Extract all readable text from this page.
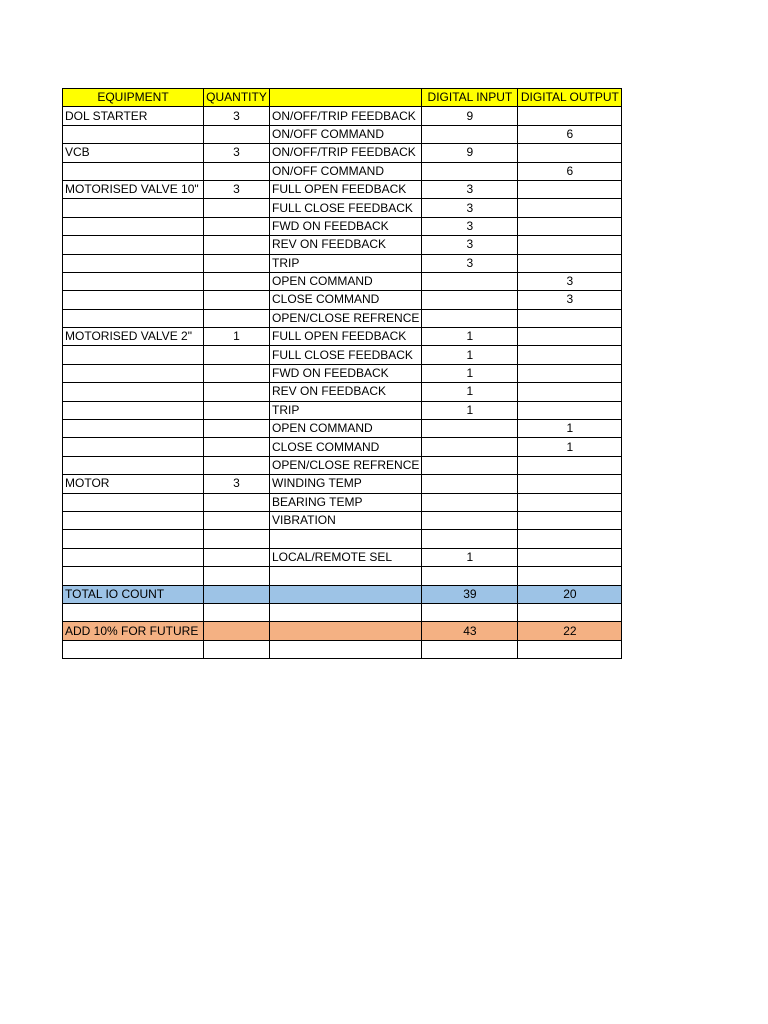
EQUIPMENT	QUANTITY		DIGITAL INPUT	DIGITAL OUTPUT
DOL STARTER	3	ON/OFF/TRIP FEEDBACK	9	
		ON/OFF COMMAND		6
VCB	3	ON/OFF/TRIP FEEDBACK	9	
		ON/OFF COMMAND		6
MOTORISED VALVE 10"	3	FULL OPEN FEEDBACK	3	
		FULL CLOSE FEEDBACK	3	
		FWD ON FEEDBACK	3	
		REV ON FEEDBACK	3	
		TRIP	3	
		OPEN COMMAND		3
		CLOSE COMMAND		3
		OPEN/CLOSE REFRENCE		
MOTORISED VALVE 2"	1	FULL OPEN FEEDBACK	1	
		FULL CLOSE FEEDBACK	1	
		FWD ON FEEDBACK	1	
		REV ON FEEDBACK	1	
		TRIP	1	
		OPEN COMMAND		1
		CLOSE COMMAND		1
		OPEN/CLOSE REFRENCE		
MOTOR	3	WINDING TEMP		
		BEARING TEMP		
		VIBRATION		

		LOCAL/REMOTE SEL	1	

TOTAL IO COUNT			39	20

ADD 10% FOR FUTURE			43	22
